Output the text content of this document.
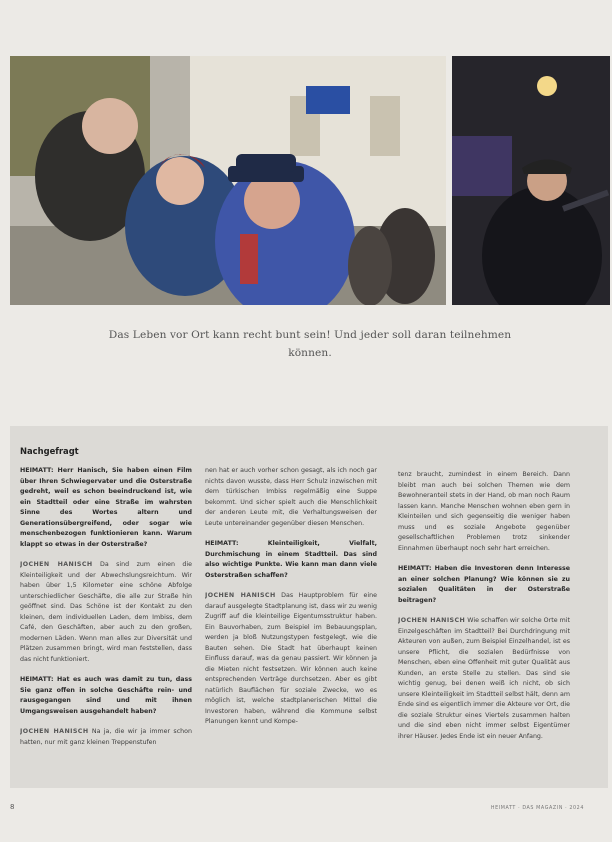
Das Leben vor Ort kann recht bunt sein! Und jeder soll daran teilnehmen können.
Nachgefragt

HEIMATT: Herr Hanisch, Sie haben einen Film über Ihren Schwiegervater und die Osterstraße gedreht, weil es schon beeindruckend ist, wie ein Stadtteil oder eine Straße im wahrsten Sinne des Wortes altern und Generationsübergreifend, oder sogar wie menschenbezogen funktionieren kann. Warum klappt so etwas in der Osterstraße?

JOCHEN HANISCH Da sind zum einen die Kleinteiligkeit und der Abwechslungsreichtum. Wir haben über 1,5 Kilometer eine schöne Abfolge unterschiedlicher Geschäfte, die alle zur Straße hin geöffnet sind. Das Schöne ist der Kontakt zu den kleinen, dem individuellen Laden, dem Imbiss, dem Café, den Geschäften, aber auch zu den großen, modernen Läden. Wenn man alles zur Diversität und Plätzen zusammen bringt, wird man feststellen, dass das nicht funktioniert.

HEIMATT: Hat es auch was damit zu tun, dass Sie ganz offen in solche Geschäfte rein- und rausgegangen sind und mit ihnen Umgangsweisen ausgehandelt haben?

JOCHEN HANISCH Na ja, die wir ja immer schon hatten, nur mit ganz kleinen Treppenstufen

nen hat er auch vorher schon gesagt, als ich noch gar nichts davon wusste, dass Herr Schulz inzwischen mit dem türkischen Imbiss regelmäßig eine Suppe bekommt. Und sicher spielt auch die Menschlichkeit der anderen Leute mit, die Verhaltungsweisen der Leute untereinander gegenüber diesen Menschen.

HEIMATT: Kleinteiligkeit, Vielfalt, Durchmischung in einem Stadtteil. Das sind also wichtige Punkte. Wie kann man dann viele Osterstraßen schaffen?

JOCHEN HANISCH Das Hauptproblem für eine darauf ausgelegte Stadtplanung ist, dass wir zu wenig Zugriff auf die kleinteilige Eigentumsstruktur haben. Ein Bauvorhaben, zum Beispiel im Bebauungsplan, werden ja bloß Nutzungstypen festgelegt, wie die Bauten sehen. Die Stadt hat überhaupt keinen Einfluss darauf, was da genau passiert. Wir können ja die Mieten nicht festsetzen. Wir können auch keine entsprechenden Verträge durchsetzen. Aber es gibt natürlich Bauflächen für soziale Zwecke, wo es möglich ist, welche stadtplanerischen Mittel die Investoren haben, während die Kommune selbst Planungen kennt und Kompe-

tenz braucht, zumindest in einem Bereich. Dann bleibt man auch bei solchen Themen wie dem Bewohneranteil stets in der Hand, ob man noch Raum lassen kann. Manche Menschen wohnen eben gern in Kleinteilen und sich gegenseitig die weniger haben muss und es soziale Angebote gegenüber gesellschaftlichen Problemen trotz sinkender Einnahmen überhaupt noch sehr hart erreichen.

HEIMATT: Haben die Investoren denn Interesse an einer solchen Planung? Wie können sie zu sozialen Qualitäten in der Osterstraße beitragen?

JOCHEN HANISCH Wie schaffen wir solche Orte mit Einzelgeschäften im Stadtteil? Bei Durchdringung mit Akteuren von außen, zum Beispiel Einzelhandel, ist es unsere Pflicht, die sozialen Bedürfnisse von Menschen, eben eine Offenheit mit guter Qualität aus Kunden, an erste Stelle zu stellen. Das sind sie wichtig genug, bei denen weiß ich nicht, ob sich unsere Kleinteiligkeit im Stadtteil selbst hält, denn am Ende sind es eigentlich immer die Akteure vor Ort, die die soziale Struktur eines Viertels zusammen halten und die sind eben nicht immer selbst Eigentümer ihrer Häuser. Jedes Ende ist ein neuer Anfang.

8	HEIMATT · DAS MAGAZIN · 2024
